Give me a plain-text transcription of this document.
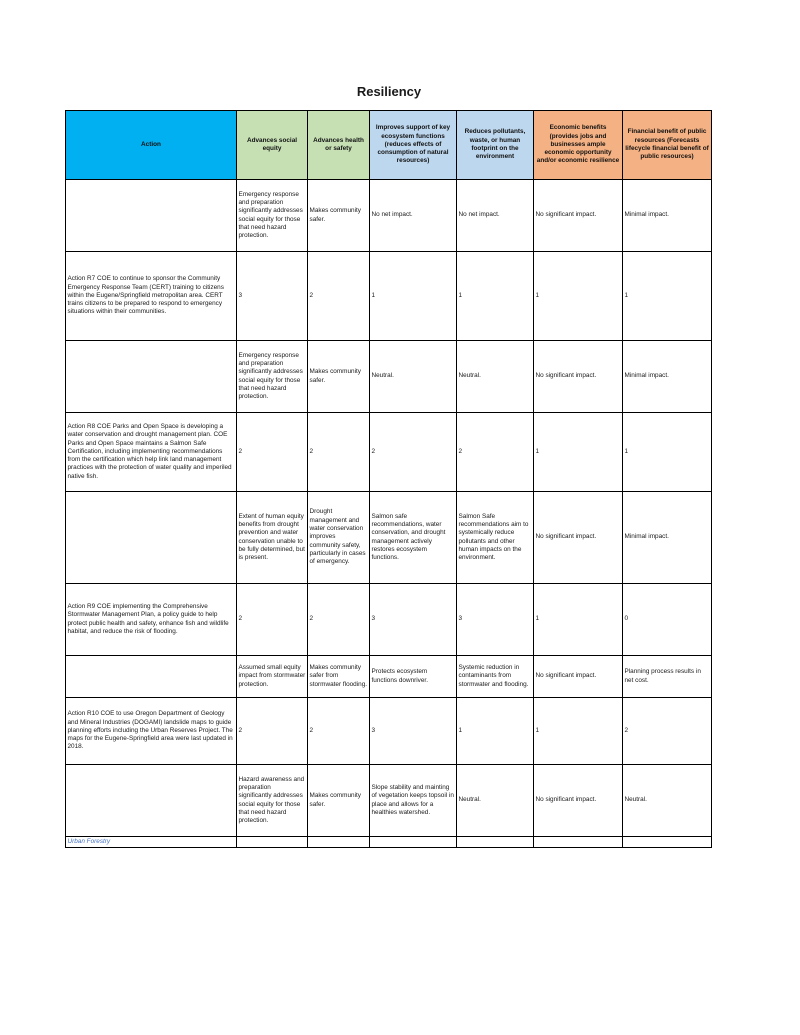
Resiliency
Action	Advances social equity	Advances health or safety	Improves support of key ecosystem functions (reduces effects of consumption of natural resources)	Reduces pollutants, waste, or human footprint on the environment	Economic benefits (provides jobs and businesses ample economic opportunity and/or economic resilience	Financial benefit of public resources (Forecasts lifecycle financial benefit of public resources)
	Emergency response and preparation significantly addresses social equity for those that need hazard protection.	Makes community safer.	No net impact.	No net impact.	No significant impact.	Minimal impact.
Action R7 COE to continue to sponsor the Community Emergency Response Team (CERT) training to citizens within the Eugene/Springfield metropolitan area. CERT trains citizens to be prepared to respond to emergency situations within their communities.	3	2	1	1	1	1
	Emergency response and preparation significantly addresses social equity for those that need hazard protection.	Makes community safer.	Neutral.	Neutral.	No significant impact.	Minimal impact.
Action R8 COE Parks and Open Space is developing a water conservation and drought management plan. COE Parks and Open Space maintains a Salmon Safe Certification, including implementing recommendations from the certification which help link land management practices with the protection of water quality and imperiled native fish.	2	2	2	2	1	1
	Extent of human equity benefits from drought prevention and water conservation unable to be fully determined, but is present.	Drought management and water conservation improves community safety, particularly in cases of emergency.	Salmon safe recommendations, water conservation, and drought management actively restores ecosystem functions.	Salmon Safe recommendations aim to systemically reduce pollutants and other human impacts on the environment.	No significant impact.	Minimal impact.
Action R9 COE implementing the Comprehensive Stormwater Management Plan, a policy guide to help protect public health and safety, enhance fish and wildlife habitat, and reduce the risk of flooding.	2	2	3	3	1	0
	Assumed small equity impact from stormwater protection.	Makes community safer from stormwater flooding.	Protects ecosystem functions downriver.	Systemic reduction in contaminants from stormwater and flooding.	No significant impact.	Planning process results in net cost.
Action R10 COE to use Oregon Department of Geology and Mineral Industries (DOGAMI) landslide maps to guide planning efforts including the Urban Reserves Project. The maps for the Eugene-Springfield area were last updated in 2018.	2	2	3	1	1	2
	Hazard awareness and preparation significantly addresses social equity for those that need hazard protection.	Makes community safer.	Slope stability and mainting of vegetation keeps topsoil in place and allows for a healthies watershed.	Neutral.	No significant impact.	Neutral.
Urban Forestry						
